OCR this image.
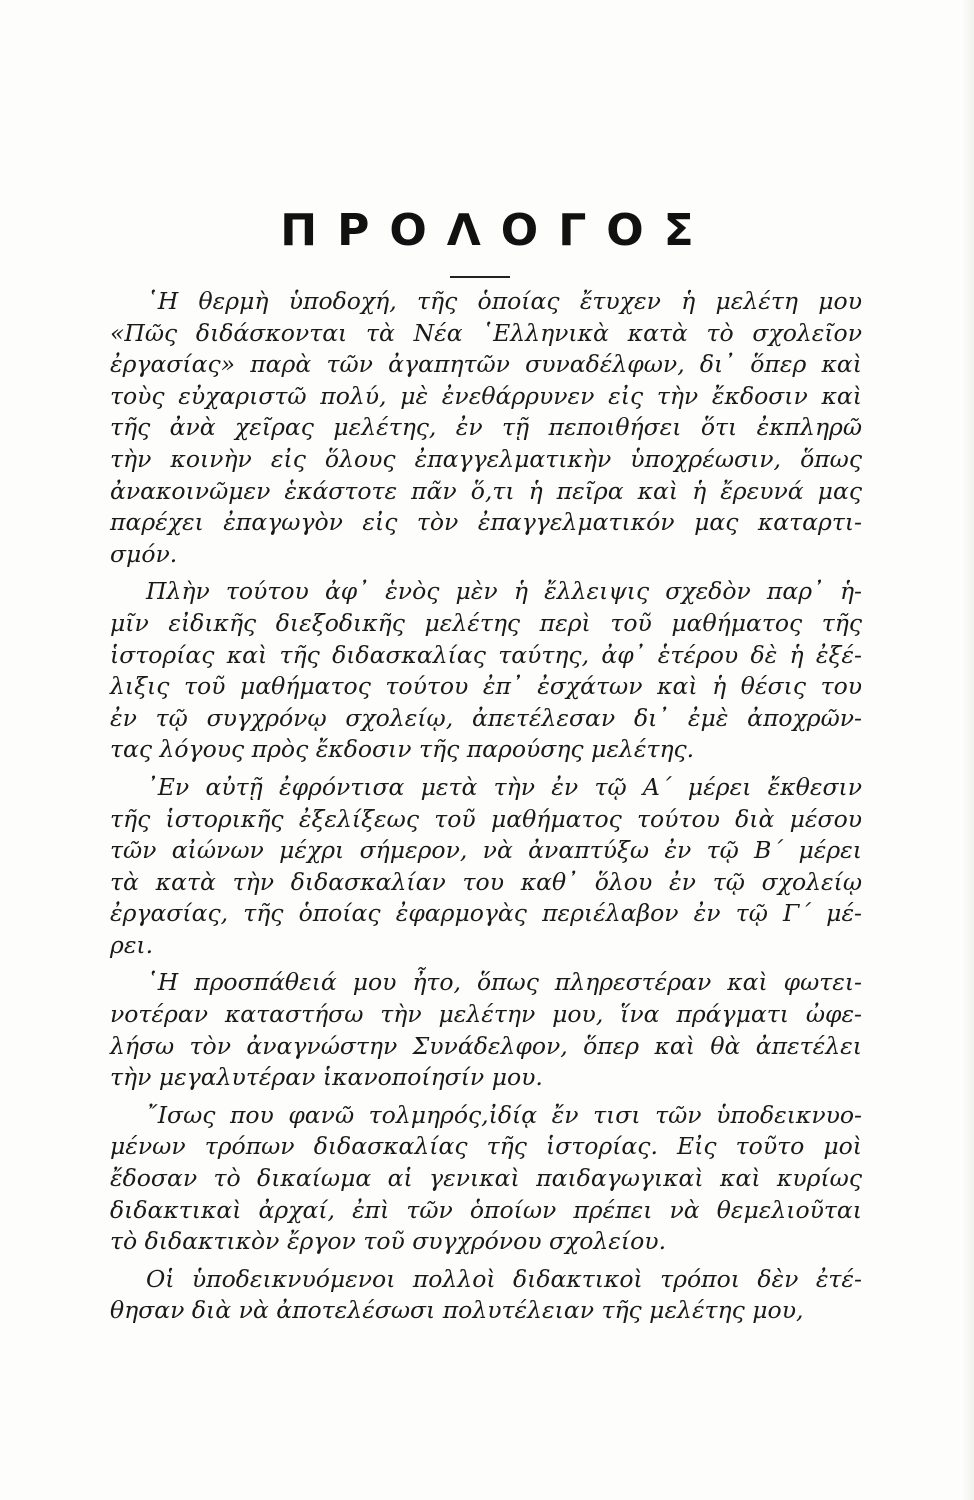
ΠΡΟΛΟΓΟΣ
῾Η θερμὴ ὑποδοχή, τῆς ὁποίας ἔτυχεν ἡ μελέτη μου
«Πῶς διδάσκονται τὰ Νέα ῾Ελληνικὰ κατὰ τὸ σχολεῖον
ἐργασίας» παρὰ τῶν ἀγαπητῶν συναδέλφων, δι᾽ ὅπερ καὶ
τοὺς εὐχαριστῶ πολύ, μὲ ἐνεθάρρυνεν εἰς τὴν ἔκδοσιν καὶ
τῆς ἀνὰ χεῖρας μελέτης, ἐν τῇ πεποιθήσει ὅτι ἐκπληρῶ
τὴν κοινὴν εἰς ὅλους ἐπαγγελματικὴν ὑποχρέωσιν, ὅπως
ἀνακοινῶμεν ἑκάστοτε πᾶν ὅ,τι ἡ πεῖρα καὶ ἡ ἔρευνά μας
παρέχει ἐπαγωγὸν εἰς τὸν ἐπαγγελματικόν μας καταρτι-
σμόν.
Πλὴν τούτου ἀφ᾽ ἑνὸς μὲν ἡ ἔλλειψις σχεδὸν παρ᾽ ἡ-
μῖν εἰδικῆς διεξοδικῆς μελέτης περὶ τοῦ μαθήματος τῆς
ἱστορίας καὶ τῆς διδασκαλίας ταύτης, ἀφ᾽ ἑτέρου δὲ ἡ ἐξέ-
λιξις τοῦ μαθήματος τούτου ἐπ᾽ ἐσχάτων καὶ ἡ θέσις του
ἐν τῷ συγχρόνῳ σχολείῳ, ἀπετέλεσαν δι᾽ ἐμὲ ἀποχρῶν-
τας λόγους πρὸς ἔκδοσιν τῆς παρούσης μελέτης.
᾿Εν αὐτῇ ἐφρόντισα μετὰ τὴν ἐν τῷ Α΄ μέρει ἔκθεσιν
τῆς ἱστορικῆς ἐξελίξεως τοῦ μαθήματος τούτου διὰ μέσου
τῶν αἰώνων μέχρι σήμερον, νὰ ἀναπτύξω ἐν τῷ Β΄ μέρει
τὰ κατὰ τὴν διδασκαλίαν του καθ᾽ ὅλου ἐν τῷ σχολείῳ
ἐργασίας, τῆς ὁποίας ἐφαρμογὰς περιέλαβον ἐν τῷ Γ΄ μέ-
ρει.
῾Η προσπάθειά μου ἦτο, ὅπως πληρεστέραν καὶ φωτει-
νοτέραν καταστήσω τὴν μελέτην μου, ἵνα πράγματι ὠφε-
λήσω τὸν ἀναγνώστην Συνάδελφον, ὅπερ καὶ θὰ ἀπετέλει
τὴν μεγαλυτέραν ἱκανοποίησίν μου.
῎Ισως που φανῶ τολμηρός,ἰδίᾳ ἔν τισι τῶν ὑποδεικνυο-
μένων τρόπων διδασκαλίας τῆς ἱστορίας. Εἰς τοῦτο μοὶ
ἔδοσαν τὸ δικαίωμα αἱ γενικαὶ παιδαγωγικαὶ καὶ κυρίως
διδακτικαὶ ἀρχαί, ἐπὶ τῶν ὁποίων πρέπει νὰ θεμελιοῦται
τὸ διδακτικὸν ἔργον τοῦ συγχρόνου σχολείου.
Οἱ ὑποδεικνυόμενοι πολλοὶ διδακτικοὶ τρόποι δὲν ἐτέ-
θησαν διὰ νὰ ἀποτελέσωσι πολυτέλειαν τῆς μελέτης μου,
